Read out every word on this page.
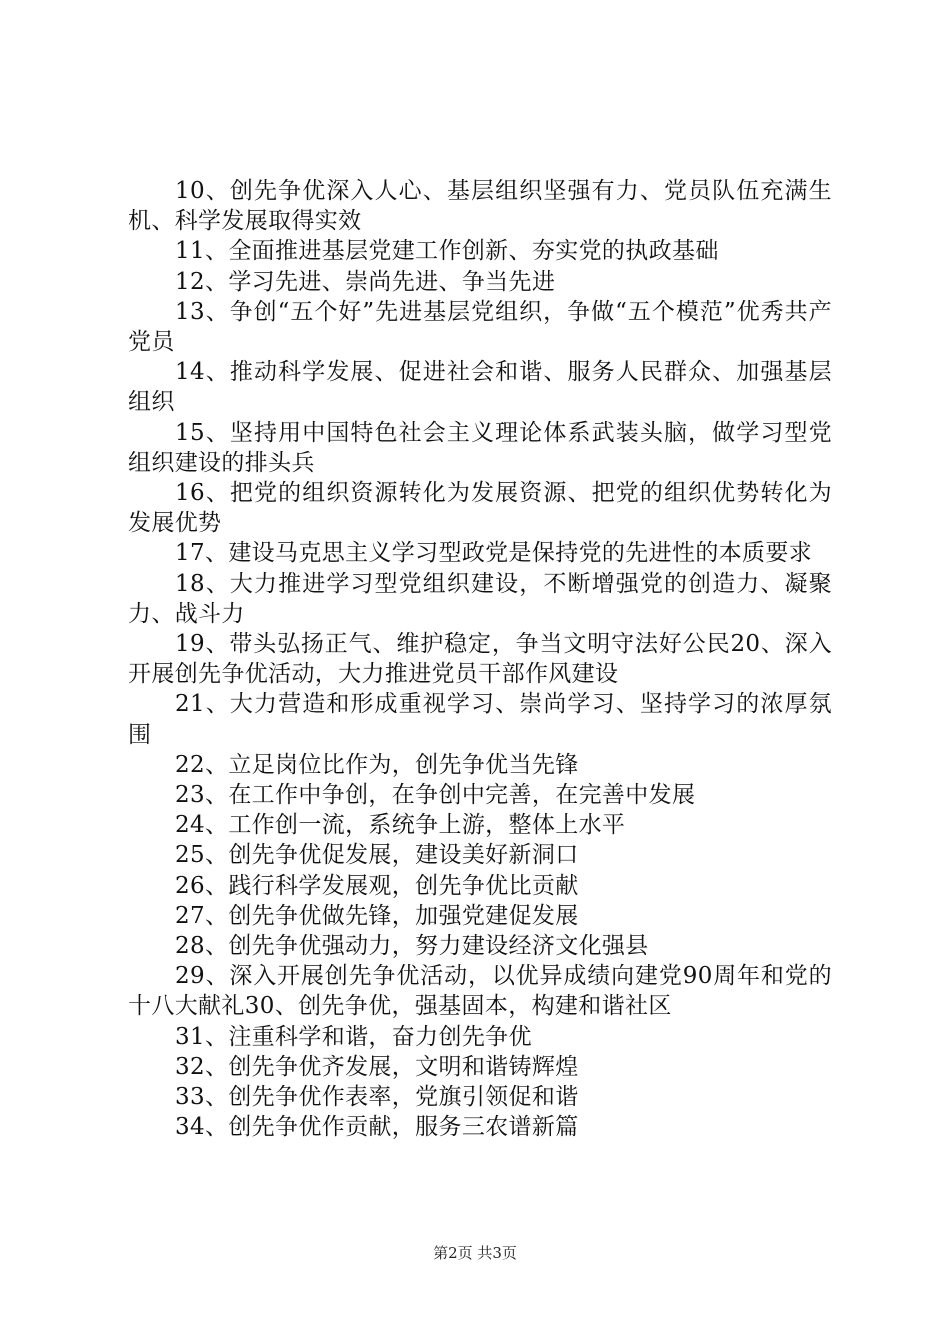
10、创先争优深入人心、基层组织坚强有力、党员队伍充满生机、科学发展取得实效

11、全面推进基层党建工作创新、夯实党的执政基础

12、学习先进、崇尚先进、争当先进

13、争创“五个好”先进基层党组织，争做“五个模范”优秀共产党员

14、推动科学发展、促进社会和谐、服务人民群众、加强基层组织

15、坚持用中国特色社会主义理论体系武装头脑，做学习型党组织建设的排头兵

16、把党的组织资源转化为发展资源、把党的组织优势转化为发展优势

17、建设马克思主义学习型政党是保持党的先进性的本质要求

18、大力推进学习型党组织建设，不断增强党的创造力、凝聚力、战斗力

19、带头弘扬正气、维护稳定，争当文明守法好公民20、深入开展创先争优活动，大力推进党员干部作风建设

21、大力营造和形成重视学习、崇尚学习、坚持学习的浓厚氛围

22、立足岗位比作为，创先争优当先锋

23、在工作中争创，在争创中完善，在完善中发展

24、工作创一流，系统争上游，整体上水平

25、创先争优促发展，建设美好新洞口

26、践行科学发展观，创先争优比贡献

27、创先争优做先锋，加强党建促发展

28、创先争优强动力，努力建设经济文化强县

29、深入开展创先争优活动，以优异成绩向建党90周年和党的十八大献礼30、创先争优，强基固本，构建和谐社区

31、注重科学和谐，奋力创先争优

32、创先争优齐发展，文明和谐铸辉煌

33、创先争优作表率，党旗引领促和谐

34、创先争优作贡献，服务三农谱新篇

第2页 共3页
